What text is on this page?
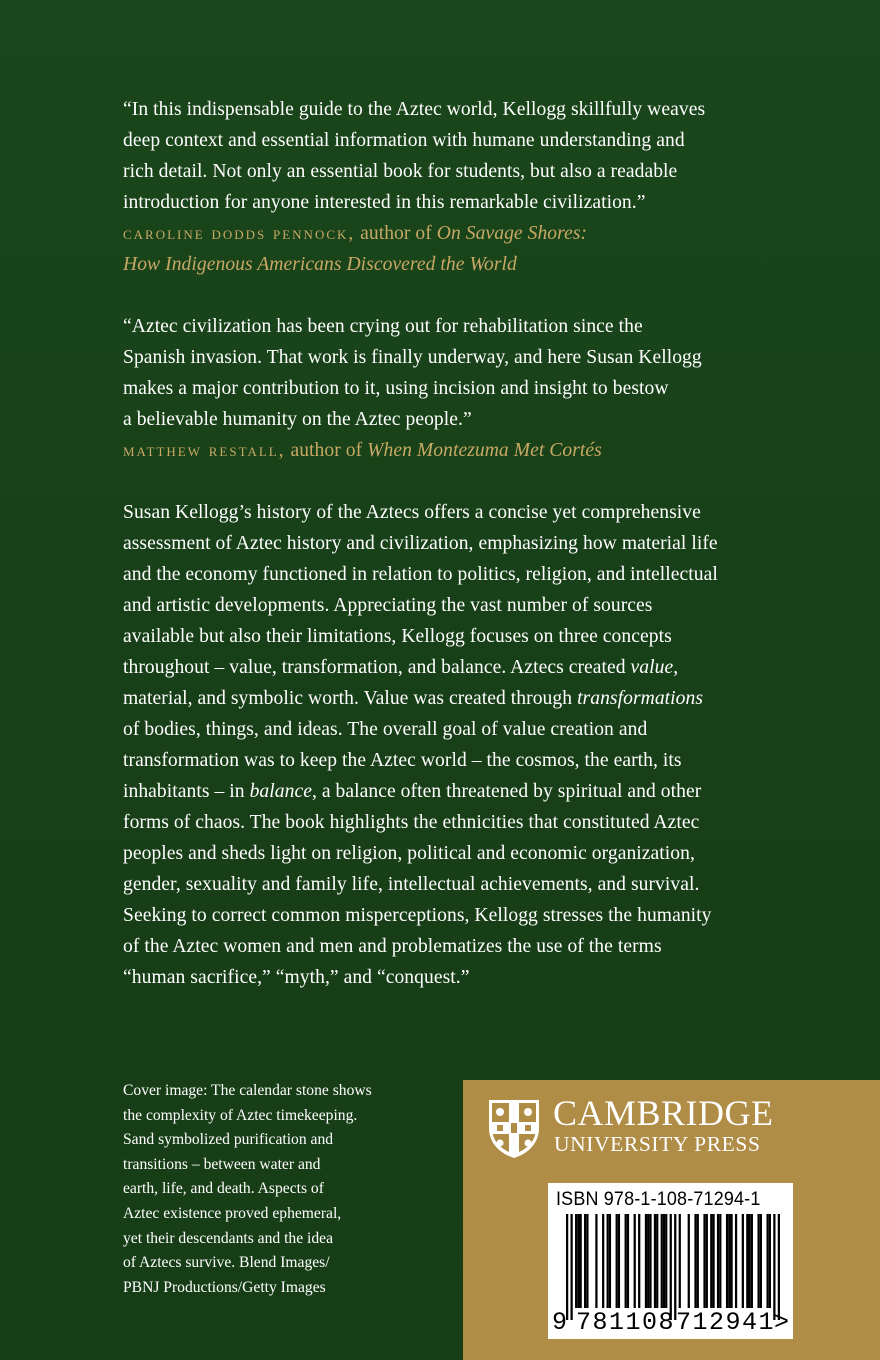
“In this indispensable guide to the Aztec world, Kellogg skillfully weaves
deep context and essential information with humane understanding and
rich detail. Not only an essential book for students, but also a readable
introduction for anyone interested in this remarkable civilization.”
caroline dodds pennock, author of On Savage Shores:
How Indigenous Americans Discovered the World
“Aztec civilization has been crying out for rehabilitation since the
Spanish invasion. That work is finally underway, and here Susan Kellogg
makes a major contribution to it, using incision and insight to bestow
a believable humanity on the Aztec people.”
matthew restall, author of When Montezuma Met Cortés
Susan Kellogg’s history of the Aztecs offers a concise yet comprehensive
assessment of Aztec history and civilization, emphasizing how material life
and the economy functioned in relation to politics, religion, and intellectual
and artistic developments. Appreciating the vast number of sources
available but also their limitations, Kellogg focuses on three concepts
throughout – value, transformation, and balance. Aztecs created value,
material, and symbolic worth. Value was created through transformations
of bodies, things, and ideas. The overall goal of value creation and
transformation was to keep the Aztec world – the cosmos, the earth, its
inhabitants – in balance, a balance often threatened by spiritual and other
forms of chaos. The book highlights the ethnicities that constituted Aztec
peoples and sheds light on religion, political and economic organization,
gender, sexuality and family life, intellectual achievements, and survival.
Seeking to correct common misperceptions, Kellogg stresses the humanity
of the Aztec women and men and problematizes the use of the terms
“human sacrifice,” “myth,” and “conquest.”
Cover image: The calendar stone shows
the complexity of Aztec timekeeping.
Sand symbolized purification and
transitions – between water and
earth, life, and death. Aspects of
Aztec existence proved ephemeral,
yet their descendants and the idea
of Aztecs survive. Blend Images/
PBNJ Productions/Getty Images
CAMBRIDGE
UNIVERSITY PRESS
ISBN 978-1-108-71294-1
9 781108 712941
>
